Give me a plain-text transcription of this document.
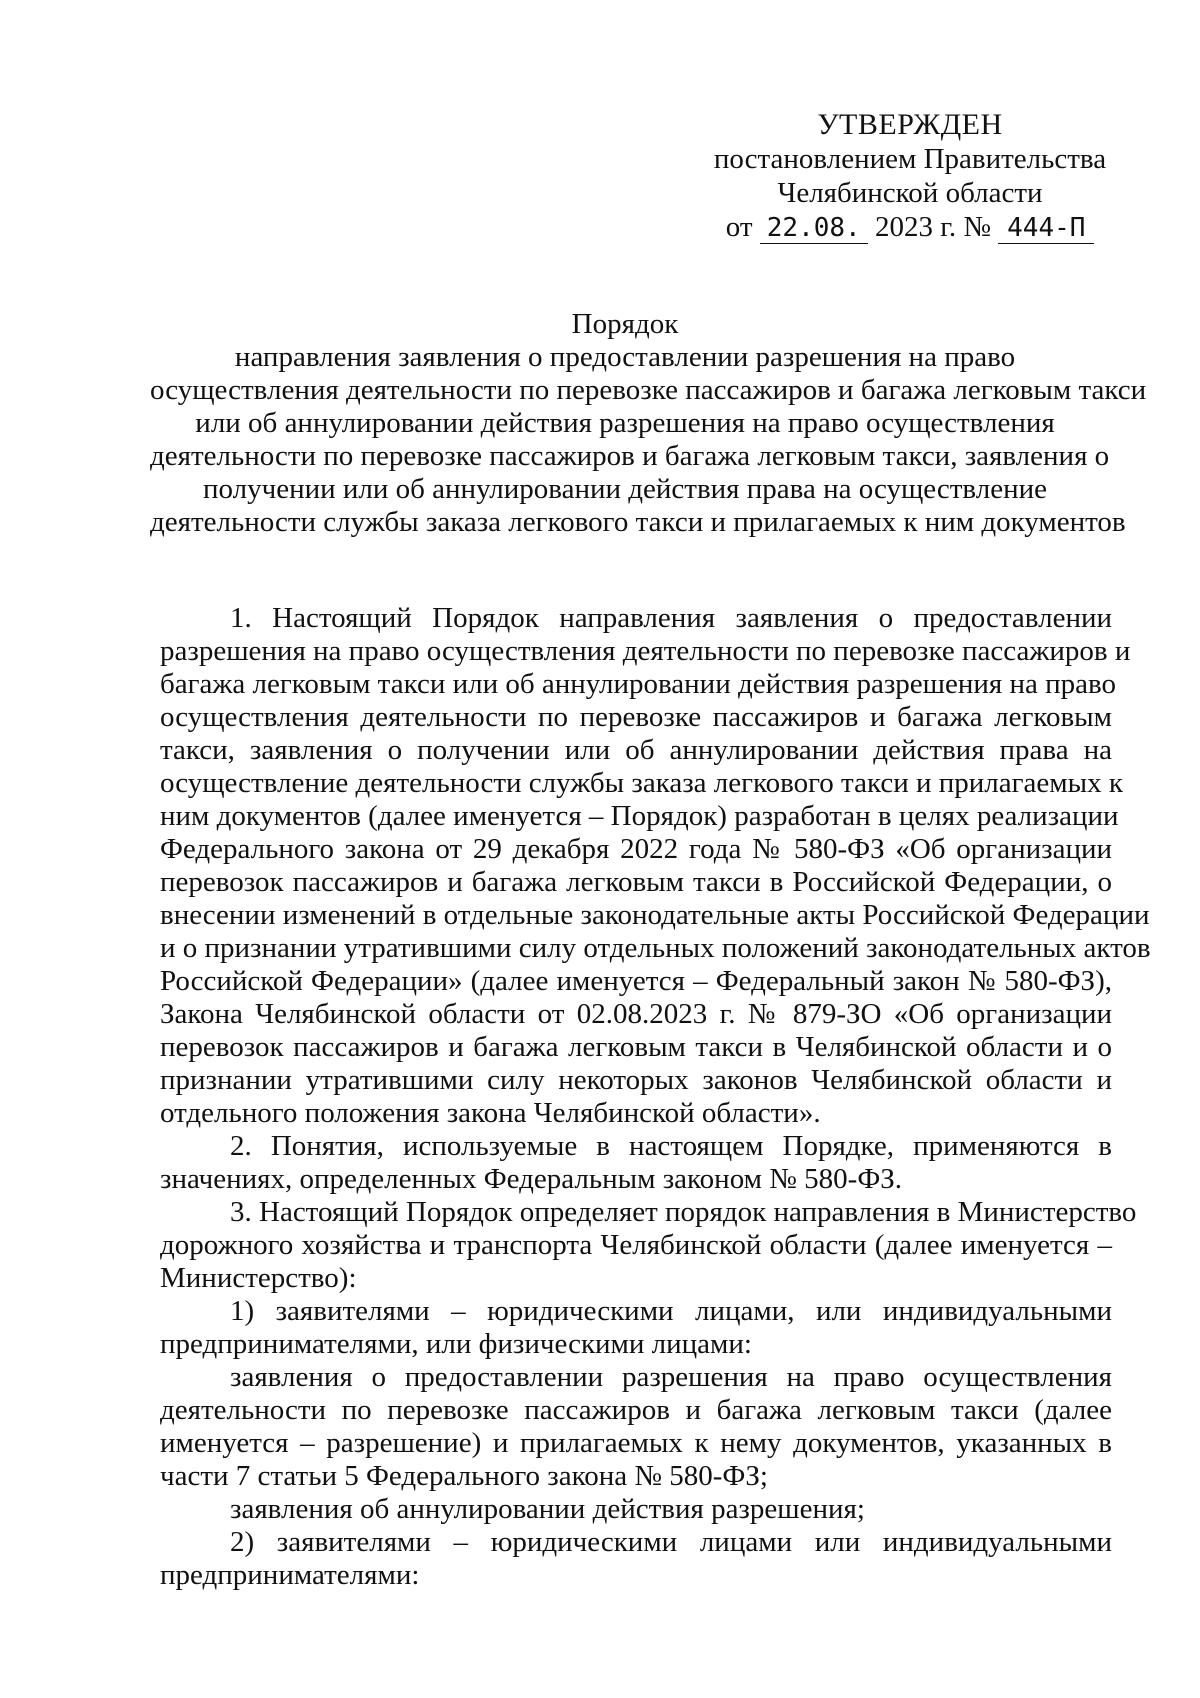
УТВЕРЖДЕН
постановлением Правительства
Челябинской области
от 22.08. 2023 г. № 444-П
Порядок
направления заявления о предоставлении разрешения на право
осуществления деятельности по перевозке пассажиров и багажа легковым такси
или об аннулировании действия разрешения на право осуществления
деятельности по перевозке пассажиров и багажа легковым такси, заявления о
получении или об аннулировании действия права на осуществление
деятельности службы заказа легкового такси и прилагаемых к ним документов
1. Настоящий Порядок направления заявления о предоставлении
разрешения на право осуществления деятельности по перевозке пассажиров и
багажа легковым такси или об аннулировании действия разрешения на право
осуществления деятельности по перевозке пассажиров и багажа легковым
такси, заявления о получении или об аннулировании действия права на
осуществление деятельности службы заказа легкового такси и прилагаемых к
ним документов (далее именуется – Порядок) разработан в целях реализации
Федерального закона от 29 декабря 2022 года № 580-ФЗ «Об организации
перевозок пассажиров и багажа легковым такси в Российской Федерации, о
внесении изменений в отдельные законодательные акты Российской Федерации
и о признании утратившими силу отдельных положений законодательных актов
Российской Федерации» (далее именуется – Федеральный закон № 580-ФЗ),
Закона Челябинской области от 02.08.2023 г. № 879-ЗО «Об организации
перевозок пассажиров и багажа легковым такси в Челябинской области и о
признании утратившими силу некоторых законов Челябинской области и
отдельного положения закона Челябинской области».
2. Понятия, используемые в настоящем Порядке, применяются в
значениях, определенных Федеральным законом № 580-ФЗ.
3. Настоящий Порядок определяет порядок направления в Министерство
дорожного хозяйства и транспорта Челябинской области (далее именуется –
Министерство):
1) заявителями – юридическими лицами, или индивидуальными
предпринимателями, или физическими лицами:
заявления о предоставлении разрешения на право осуществления
деятельности по перевозке пассажиров и багажа легковым такси (далее
именуется – разрешение) и прилагаемых к нему документов, указанных в
части 7 статьи 5 Федерального закона № 580-ФЗ;
заявления об аннулировании действия разрешения;
2) заявителями – юридическими лицами или индивидуальными
предпринимателями:
